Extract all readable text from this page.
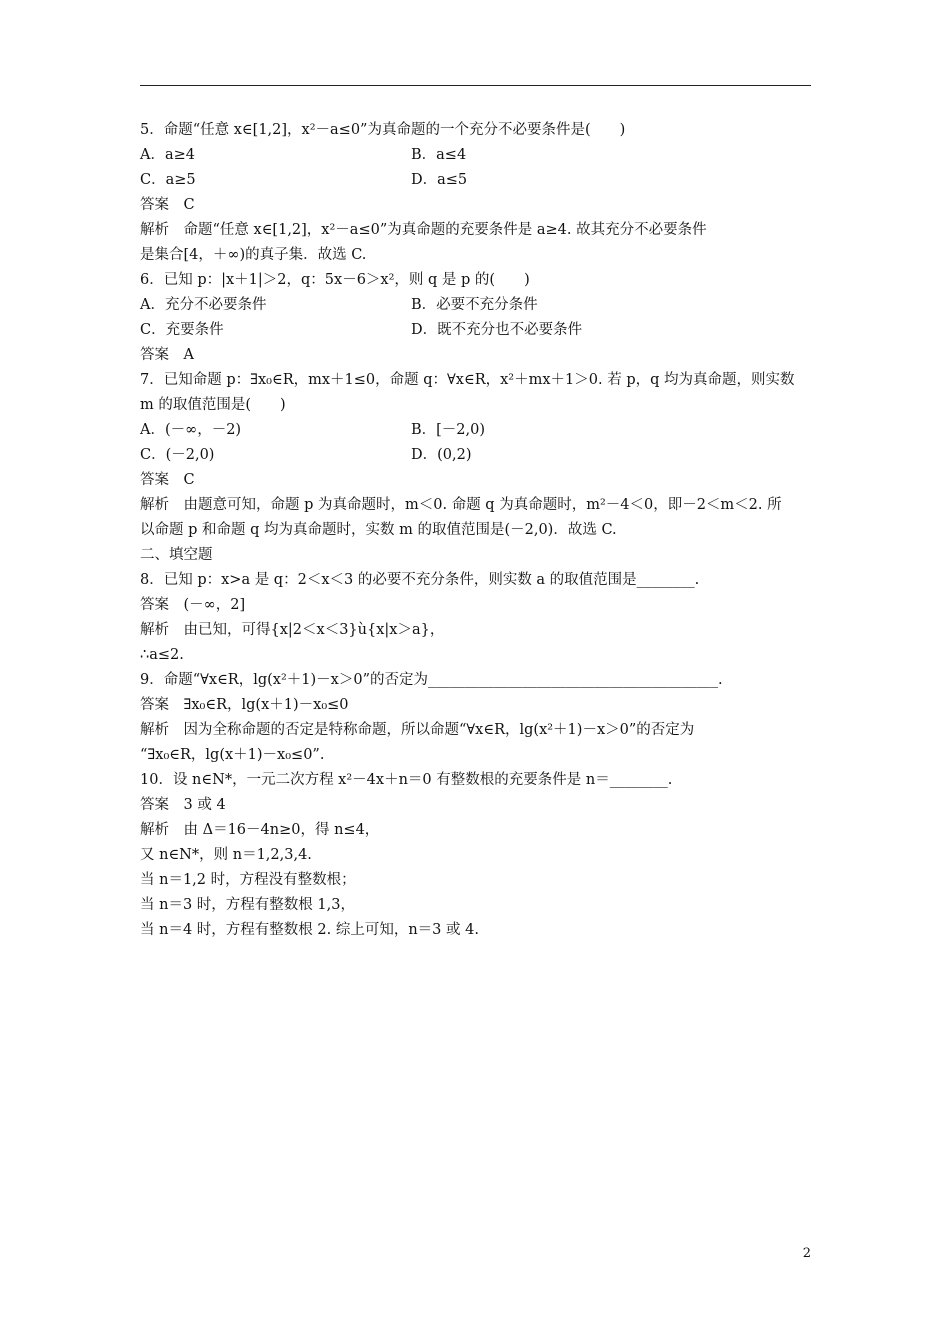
5．命题“任意 x∈[1,2]，x²－a≤0”为真命题的一个充分不必要条件是(　　)
A．a≥4	B．a≤4
C．a≥5	D．a≤5
答案　C
解析　命题“任意 x∈[1,2]，x²－a≤0”为真命题的充要条件是 a≥4. 故其充分不必要条件
是集合[4，＋∞)的真子集．故选 C.
6．已知 p：|x＋1|＞2，q：5x－6＞x²，则 q 是 p 的(　　)
A．充分不必要条件	B．必要不充分条件
C．充要条件	D．既不充分也不必要条件
答案　A
7．已知命题 p：∃x₀∈R，mx＋1≤0，命题 q：∀x∈R，x²＋mx＋1＞0. 若 p，q 均为真命题，则实数
m 的取值范围是(　　)
A．(－∞，－2)	B．[－2,0)
C．(－2,0)	D．(0,2)
答案　C
解析　由题意可知，命题 p 为真命题时，m＜0. 命题 q 为真命题时，m²－4＜0，即－2＜m＜2. 所
以命题 p 和命题 q 均为真命题时，实数 m 的取值范围是(－2,0)．故选 C.
二、填空题
8．已知 p：x>a 是 q：2＜x＜3 的必要不充分条件，则实数 a 的取值范围是________.
答案　(－∞，2]
解析　由已知，可得{x|2＜x＜3}ù{x|x＞a}，
∴a≤2.
9．命题“∀x∈R，lg(x²＋1)－x＞0”的否定为________________________________________.
答案　∃x₀∈R，lg(x＋1)－x₀≤0
解析　因为全称命题的否定是特称命题，所以命题“∀x∈R，lg(x²＋1)－x＞0”的否定为
“∃x₀∈R，lg(x＋1)－x₀≤0”.
10．设 n∈N*，一元二次方程 x²－4x＋n＝0 有整数根的充要条件是 n＝________.
答案　3 或 4
解析　由 Δ＝16－4n≥0，得 n≤4，
又 n∈N*，则 n＝1,2,3,4.
当 n＝1,2 时，方程没有整数根；
当 n＝3 时，方程有整数根 1,3，
当 n＝4 时，方程有整数根 2. 综上可知，n＝3 或 4.
2
